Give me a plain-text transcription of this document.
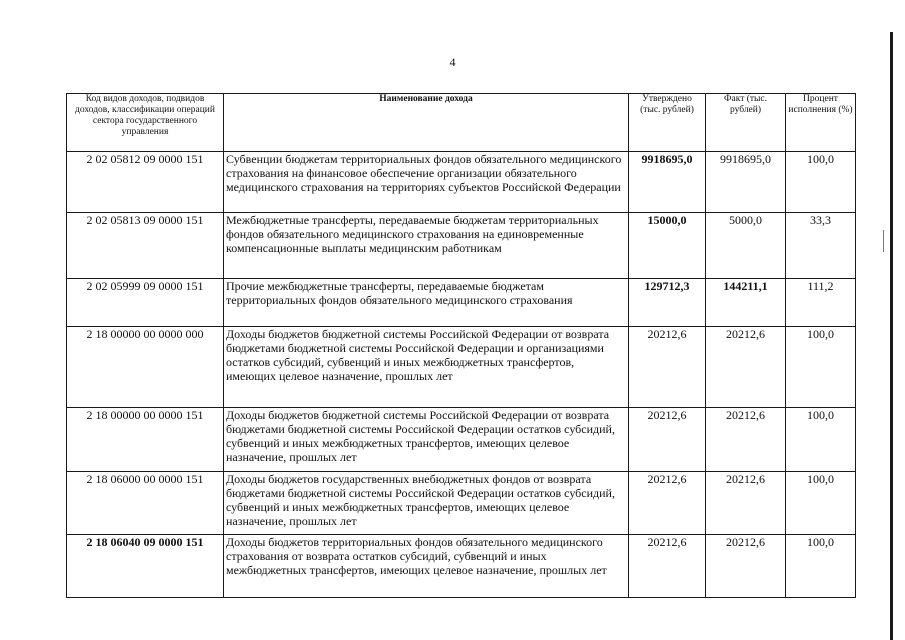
4
Код видов доходов, подвидов доходов, классификации операций сектора государственного управления	Наименование дохода	Утверждено (тыс. рублей)	Факт (тыс. рублей)	Процент исполнения (%)
2 02 05812 09 0000 151	Субвенции бюджетам территориальных фондов обязательного медицинского страхования на финансовое обеспечение организации обязательного медицинского страхования на территориях субъектов Российской Федерации	9918695,0	9918695,0	100,0
2 02 05813 09 0000 151	Межбюджетные трансферты, передаваемые бюджетам территориальных фондов обязательного медицинского страхования на единовременные компенсационные выплаты медицинским работникам	15000,0	5000,0	33,3
2 02 05999 09 0000 151	Прочие межбюджетные трансферты, передаваемые бюджетам территориальных фондов обязательного медицинского страхования	129712,3	144211,1	111,2
2 18 00000 00 0000 000	Доходы бюджетов бюджетной системы Российской Федерации от возврата бюджетами бюджетной системы Российской Федерации и организациями остатков субсидий, субвенций и иных межбюджетных трансфертов, имеющих целевое назначение, прошлых лет	20212,6	20212,6	100,0
2 18 00000 00 0000 151	Доходы бюджетов бюджетной системы Российской Федерации от возврата бюджетами бюджетной системы Российской Федерации остатков субсидий, субвенций и иных межбюджетных трансфертов, имеющих целевое назначение, прошлых лет	20212,6	20212,6	100,0
2 18 06000 00 0000 151	Доходы бюджетов государственных внебюджетных фондов от возврата бюджетами бюджетной системы Российской Федерации остатков субсидий, субвенций и иных межбюджетных трансфертов, имеющих целевое назначение, прошлых лет	20212,6	20212,6	100,0
2 18 06040 09 0000 151	Доходы бюджетов территориальных фондов обязательного медицинского страхования от возврата остатков субсидий, субвенций и иных межбюджетных трансфертов, имеющих целевое назначение, прошлых лет	20212,6	20212,6	100,0
